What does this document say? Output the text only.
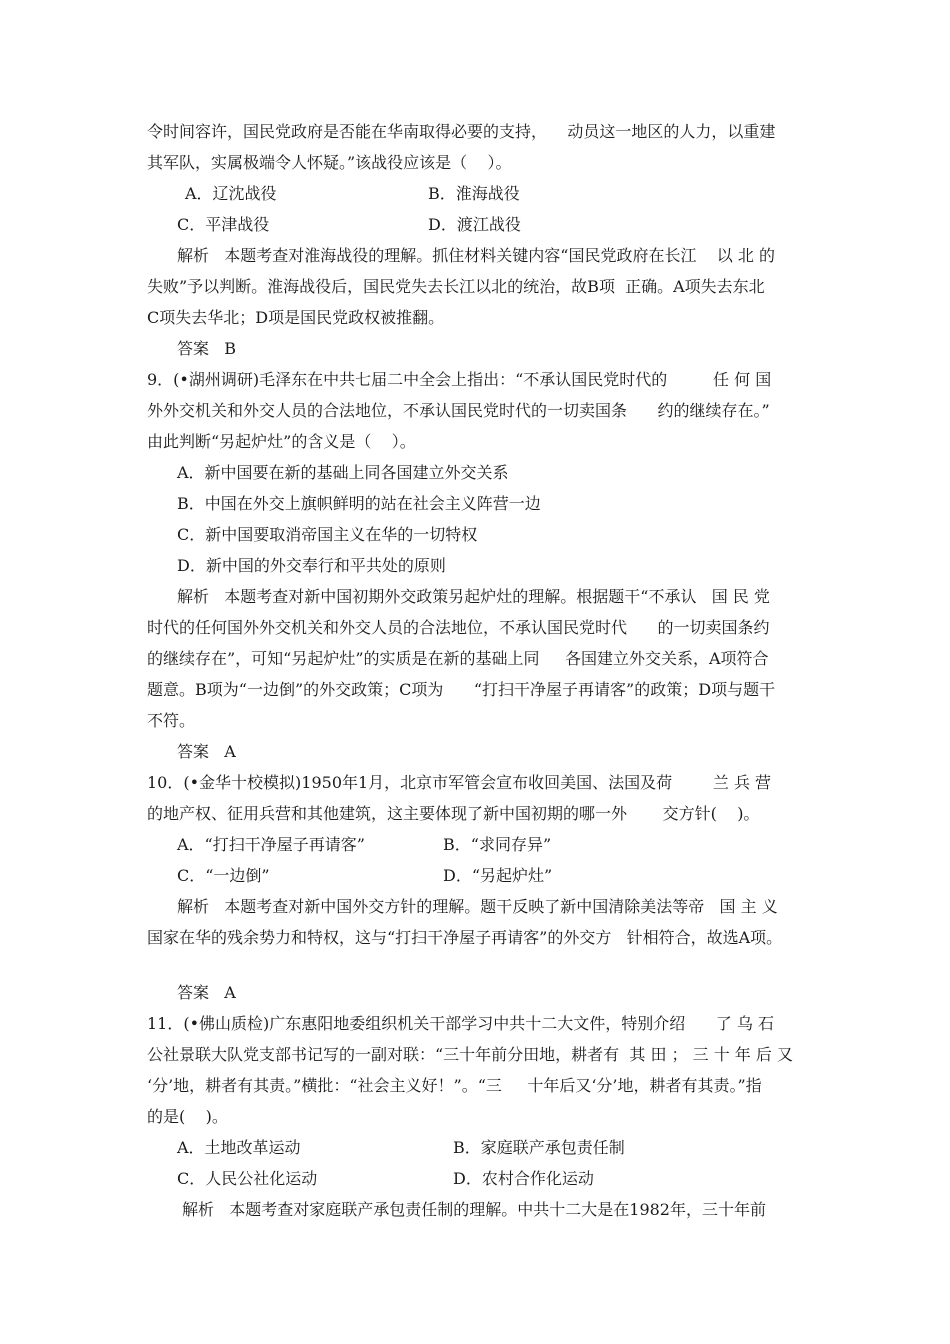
令时间容许，国民党政府是否能在华南取得必要的支持，    动员这一地区的人力，以重建
其军队，实属极端令人怀疑。”该战役应该是（    ）。
A．辽沈战役	B．淮海战役
C．平津战役	D．渡江战役
解析   本题考查对淮海战役的理解。抓住材料关键内容“国民党政府在长江    以 北 的
失败”予以判断。淮海战役后，国民党失去长江以北的统治，故B项  正确。A项失去东北
C项失去华北；D项是国民党政权被推翻。
答案   B
9．(•湖州调研)毛泽东在中共七届二中全会上指出：“不承认国民党时代的         任 何 国
外外交机关和外交人员的合法地位，不承认国民党时代的一切卖国条      约的继续存在。”
由此判断“另起炉灶”的含义是（    ）。
A．新中国要在新的基础上同各国建立外交关系
B．中国在外交上旗帜鲜明的站在社会主义阵营一边
C．新中国要取消帝国主义在华的一切特权
D．新中国的外交奉行和平共处的原则
解析   本题考查对新中国初期外交政策另起炉灶的理解。根据题干“不承认   国 民 党
时代的任何国外外交机关和外交人员的合法地位，不承认国民党时代      的一切卖国条约
的继续存在”，可知“另起炉灶”的实质是在新的基础上同     各国建立外交关系，A项符合
题意。B项为“一边倒”的外交政策；C项为      “打扫干净屋子再请客”的政策；D项与题干
不符。
答案   A
10．(•金华十校模拟)1950年1月，北京市军管会宣布收回美国、法国及荷        兰 兵 营
的地产权、征用兵营和其他建筑，这主要体现了新中国初期的哪一外       交方针(    )。
A．“打扫干净屋子再请客”	B．“求同存异”
C．“一边倒”	D．“另起炉灶”
解析   本题考查对新中国外交方针的理解。题干反映了新中国清除美法等帝   国 主 义
国家在华的残余势力和特权，这与“打扫干净屋子再请客”的外交方   针相符合，故选A项。
答案   A
11．(•佛山质检)广东惠阳地委组织机关干部学习中共十二大文件，特别介绍      了 乌 石
公社景联大队党支部书记写的一副对联：“三十年前分田地，耕者有  其 田 ； 三 十 年 后 又
‘分’地，耕者有其责。”横批：“社会主义好！”。“三     十年后又‘分’地，耕者有其责。”指
的是(    )。
A．土地改革运动	B．家庭联产承包责任制
C．人民公社化运动	D．农村合作化运动
解析   本题考查对家庭联产承包责任制的理解。中共十二大是在1982年，三十年前
